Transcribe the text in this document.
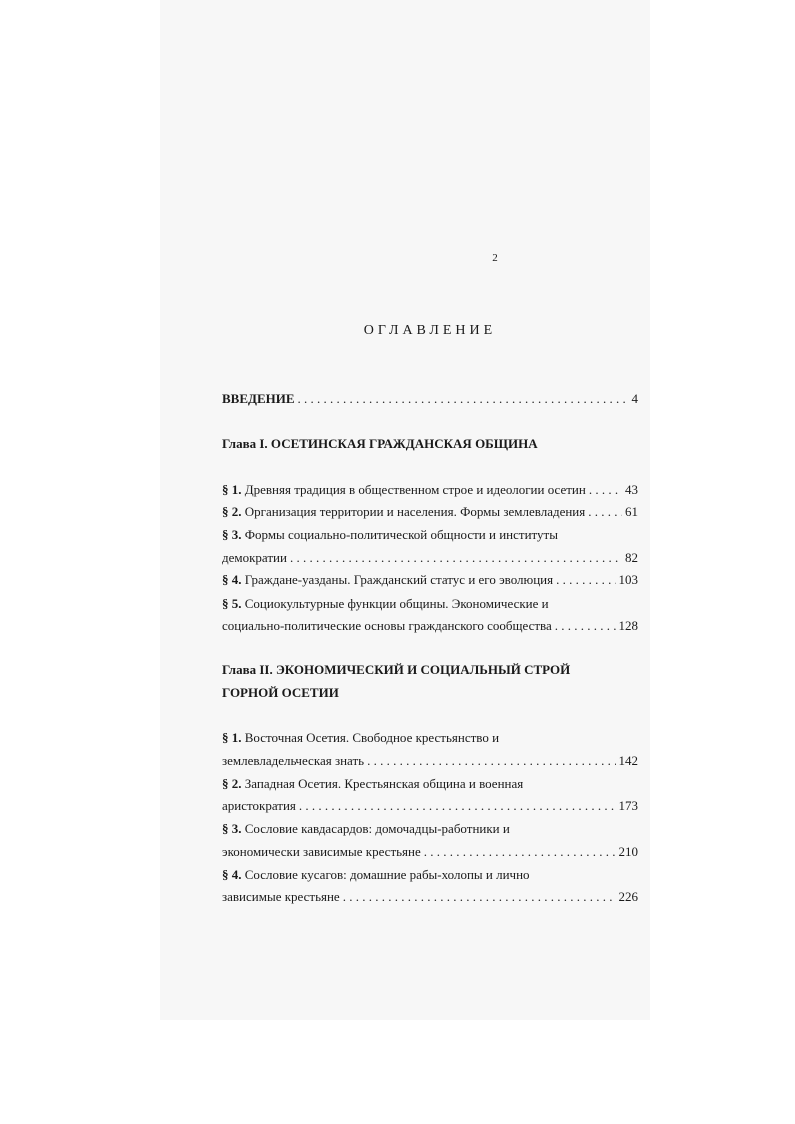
2
ОГЛАВЛЕНИЕ
ВВЕДЕНИЕ . . .	4
Глава I. ОСЕТИНСКАЯ ГРАЖДАНСКАЯ ОБЩИНА
§ 1. Древняя традиция в общественном строе и идеологии осетин . . .	43
§ 2. Организация территории и населения. Формы землевладения . . .	61
§ 3. Формы социально-политической общности и институты
демократии . . .	82
§ 4. Граждане-уазданы. Гражданский статус и его эволюция . . .	103
§ 5. Социокультурные функции общины. Экономические и
социально-политические основы гражданского сообщества . . .	128
Глава II. ЭКОНОМИЧЕСКИЙ И СОЦИАЛЬНЫЙ СТРОЙ
ГОРНОЙ ОСЕТИИ
§ 1. Восточная Осетия. Свободное крестьянство и
землевладельческая знать . . .	142
§ 2. Западная Осетия. Крестьянская община и военная
аристократия . . .	173
§ 3. Сословие кавдасардов: домочадцы-работники и
экономически зависимые крестьяне . . .	210
§ 4. Сословие кусагов: домашние рабы-холопы и лично
зависимые крестьяне . . .	226
